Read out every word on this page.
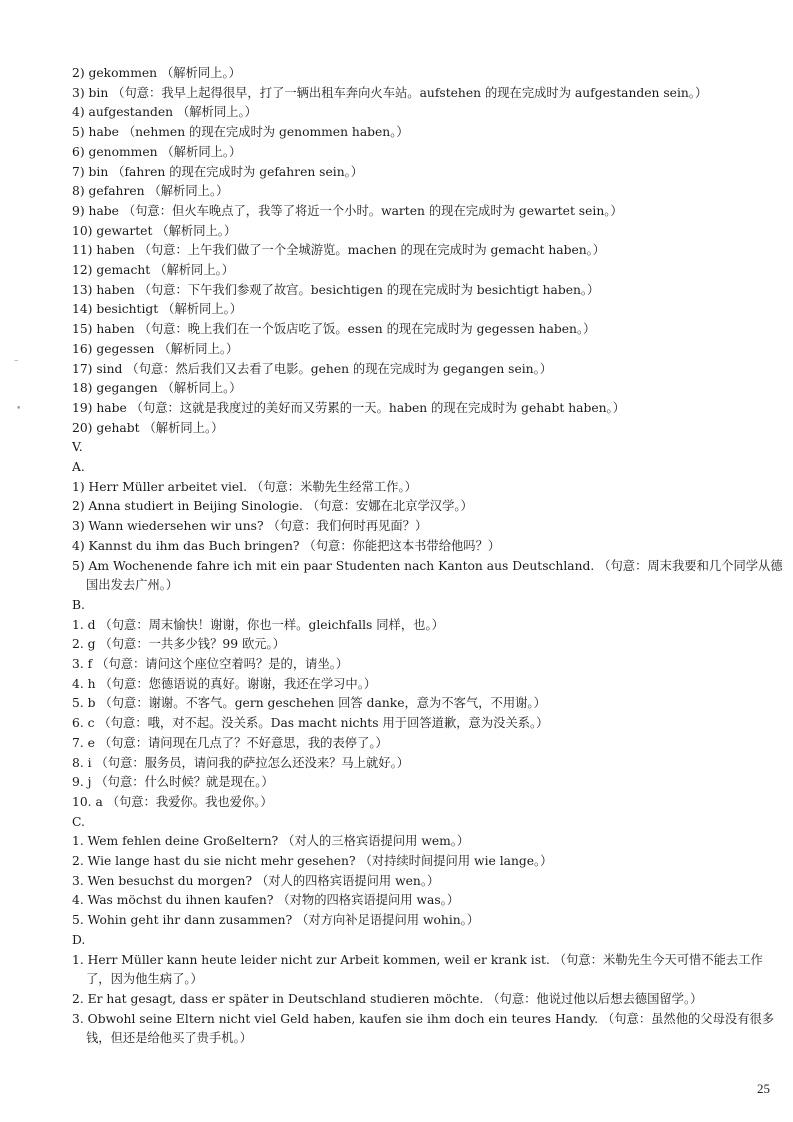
2) gekommen （解析同上。）
3) bin （句意：我早上起得很早，打了一辆出租车奔向火车站。aufstehen 的现在完成时为 aufgestanden sein。）
4) aufgestanden （解析同上。）
5) habe （nehmen 的现在完成时为 genommen haben。）
6) genommen （解析同上。）
7) bin （fahren 的现在完成时为 gefahren sein。）
8) gefahren （解析同上。）
9) habe （句意：但火车晚点了，我等了将近一个小时。warten 的现在完成时为 gewartet sein。）
10) gewartet （解析同上。）
11) haben （句意：上午我们做了一个全城游览。machen 的现在完成时为 gemacht haben。）
12) gemacht （解析同上。）
13) haben （句意：下午我们参观了故宫。besichtigen 的现在完成时为 besichtigt haben。）
14) besichtigt （解析同上。）
15) haben （句意：晚上我们在一个饭店吃了饭。essen 的现在完成时为 gegessen haben。）
16) gegessen （解析同上。）
17) sind （句意：然后我们又去看了电影。gehen 的现在完成时为 gegangen sein。）
18) gegangen （解析同上。）
19) habe （句意：这就是我度过的美好而又劳累的一天。haben 的现在完成时为 gehabt haben。）
20) gehabt （解析同上。）
V.
A.
1) Herr Müller arbeitet viel. （句意：米勒先生经常工作。）
2) Anna studiert in Beijing Sinologie. （句意：安娜在北京学汉学。）
3) Wann wiedersehen wir uns? （句意：我们何时再见面？）
4) Kannst du ihm das Buch bringen? （句意：你能把这本书带给他吗？）
5) Am Wochenende fahre ich mit ein paar Studenten nach Kanton aus Deutschland. （句意：周末我要和几个同学从德
国出发去广州。）
B.
1. d （句意：周末愉快！谢谢，你也一样。gleichfalls 同样，也。）
2. g （句意：一共多少钱？99 欧元。）
3. f （句意：请问这个座位空着吗？是的，请坐。）
4. h （句意：您德语说的真好。谢谢，我还在学习中。）
5. b （句意：谢谢。不客气。gern geschehen 回答 danke，意为不客气，不用谢。）
6. c （句意：哦，对不起。没关系。Das macht nichts 用于回答道歉，意为没关系。）
7. e （句意：请问现在几点了？不好意思，我的表停了。）
8. i （句意：服务员，请问我的萨拉怎么还没来？马上就好。）
9. j （句意：什么时候？就是现在。）
10. a （句意：我爱你。我也爱你。）
C.
1. Wem fehlen deine Großeltern? （对人的三格宾语提问用 wem。）
2. Wie lange hast du sie nicht mehr gesehen? （对持续时间提问用 wie lange。）
3. Wen besuchst du morgen? （对人的四格宾语提问用 wen。）
4. Was möchst du ihnen kaufen? （对物的四格宾语提问用 was。）
5. Wohin geht ihr dann zusammen? （对方向补足语提问用 wohin。）
D.
1. Herr Müller kann heute leider nicht zur Arbeit kommen, weil er krank ist. （句意：米勒先生今天可惜不能去工作
了，因为他生病了。）
2. Er hat gesagt, dass er später in Deutschland studieren möchte. （句意：他说过他以后想去德国留学。）
3. Obwohl seine Eltern nicht viel Geld haben, kaufen sie ihm doch ein teures Handy. （句意：虽然他的父母没有很多
钱，但还是给他买了贵手机。）
–
•
25
